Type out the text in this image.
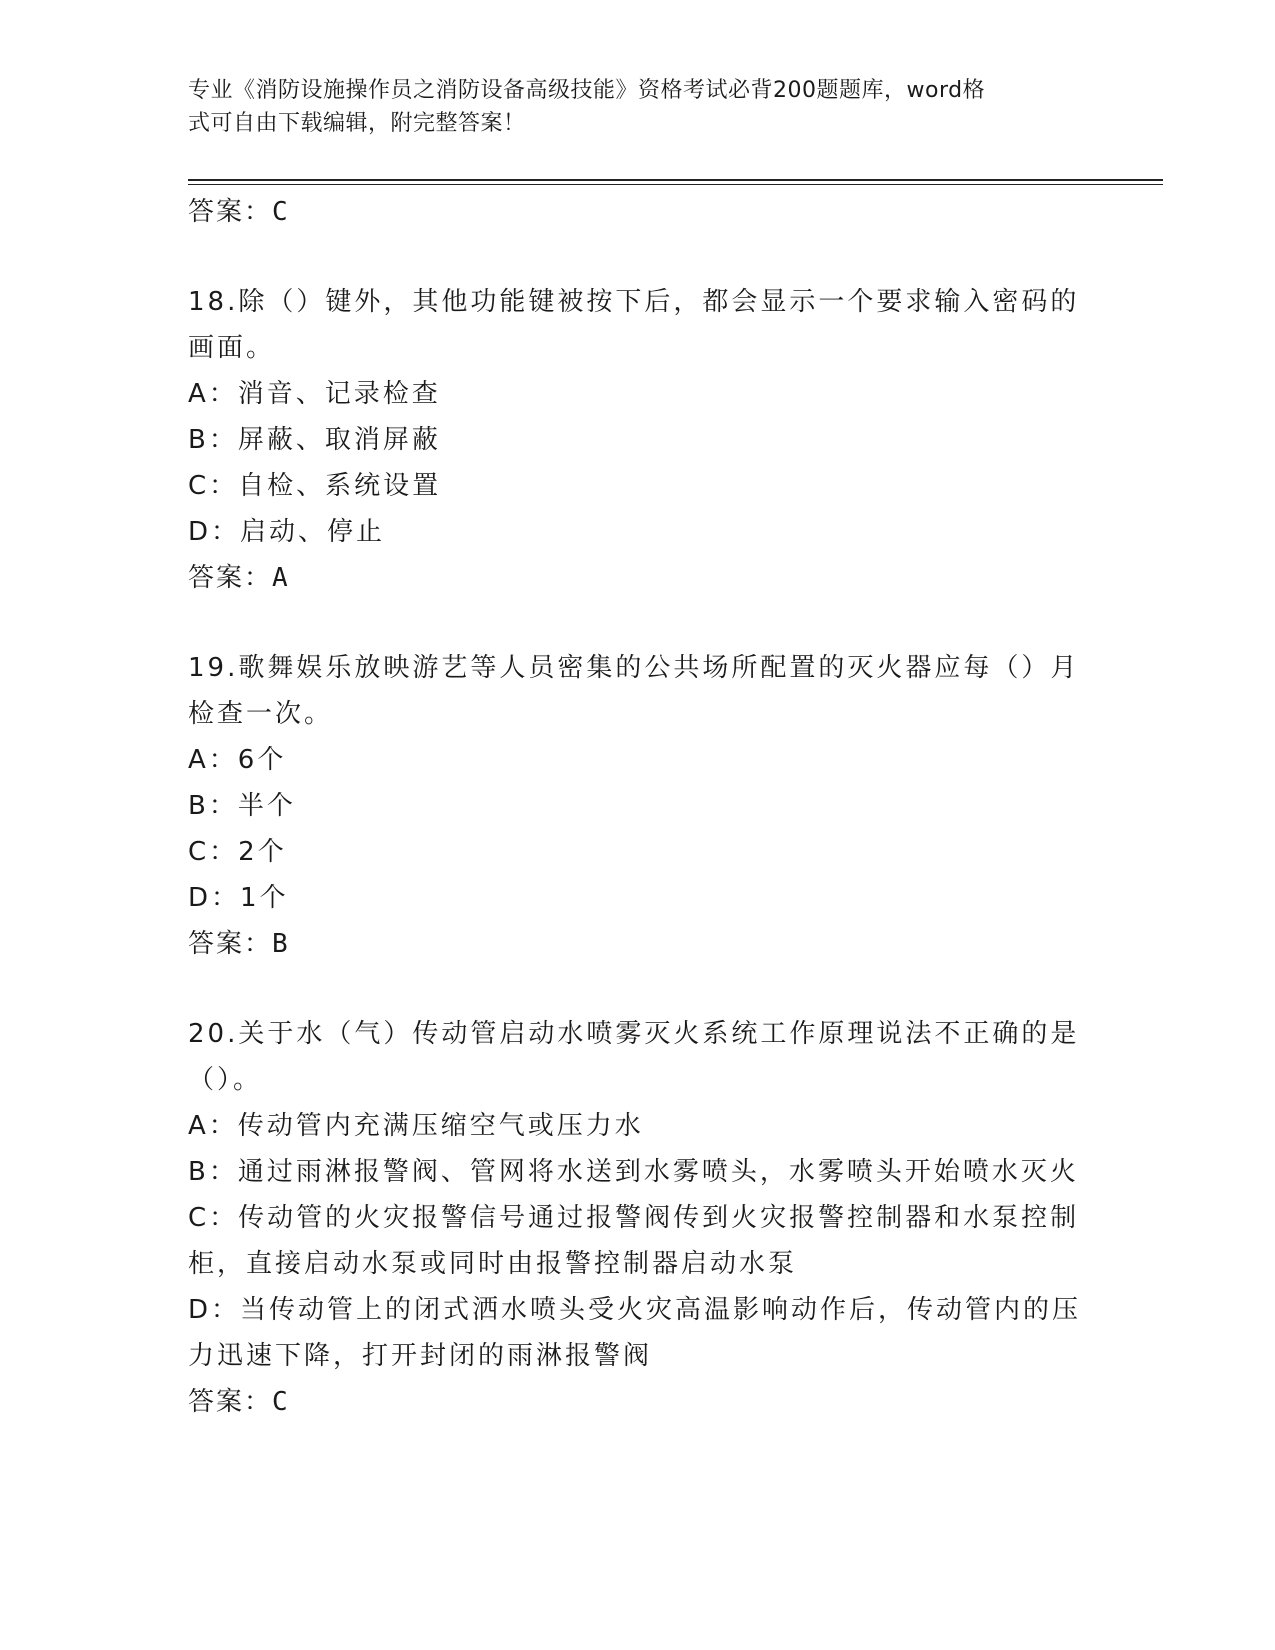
专业《消防设施操作员之消防设备高级技能》资格考试必背200题题库，word格
式可自由下载编辑，附完整答案！
答案：C
18.除（）键外，其他功能键被按下后，都会显示一个要求输入密码的
画面。
A：消音、记录检查
B：屏蔽、取消屏蔽
C：自检、系统设置
D：启动、停止
答案：A
19.歌舞娱乐放映游艺等人员密集的公共场所配置的灭火器应每（）月
检查一次。
A：6个
B：半个
C：2个
D：1个
答案：B
20.关于水（气）传动管启动水喷雾灭火系统工作原理说法不正确的是
（）。
A：传动管内充满压缩空气或压力水
B：通过雨淋报警阀、管网将水送到水雾喷头，水雾喷头开始喷水灭火
C：传动管的火灾报警信号通过报警阀传到火灾报警控制器和水泵控制
柜，直接启动水泵或同时由报警控制器启动水泵
D：当传动管上的闭式洒水喷头受火灾高温影响动作后，传动管内的压
力迅速下降，打开封闭的雨淋报警阀
答案：C
